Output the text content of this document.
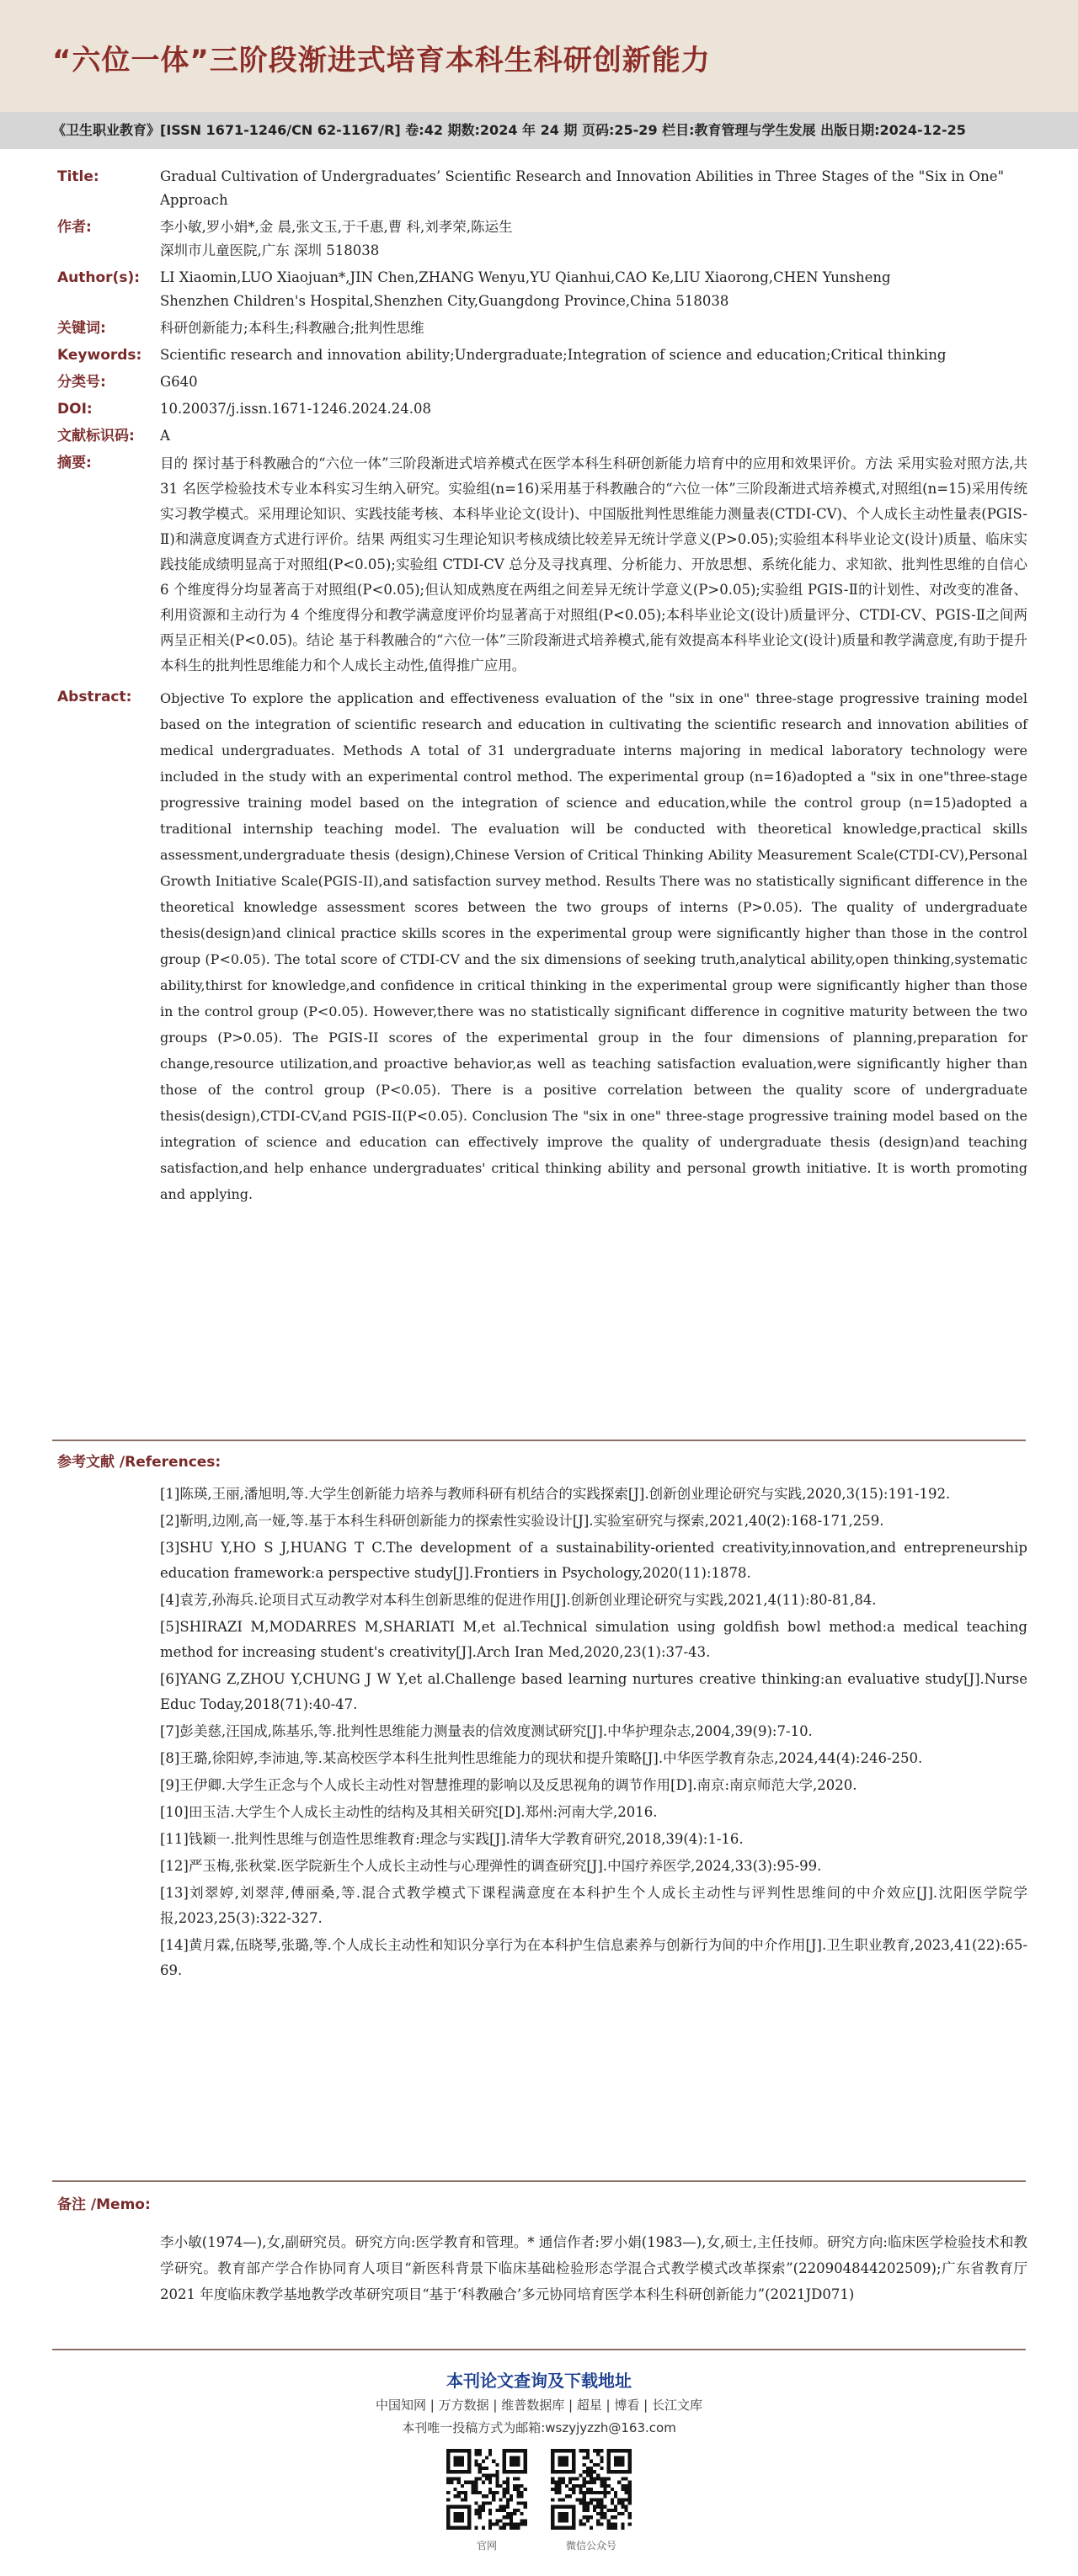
“六位一体”三阶段渐进式培育本科生科研创新能力
《卫生职业教育》[ISSN 1671-1246/CN 62-1167/R] 卷:42 期数:2024 年 24 期 页码:25-29 栏目:教育管理与学生发展 出版日期:2024-12-25
Title:	Gradual Cultivation of Undergraduates’ Scientific Research and Innovation Abilities in Three Stages of the "Six in One" Approach

作者:	李小敏,罗小娟*,金 晨,张文玉,于千惠,曹 科,刘孝荣,陈运生

深圳市儿童医院,广东 深圳 518038

Author(s):	LI Xiaomin,LUO Xiaojuan*,JIN Chen,ZHANG Wenyu,YU Qianhui,CAO Ke,LIU Xiaorong,CHEN Yunsheng

Shenzhen Children's Hospital,Shenzhen City,Guangdong Province,China 518038

关键词:	科研创新能力;本科生;科教融合;批判性思维

Keywords:	Scientific research and innovation ability;Undergraduate;Integration of science and education;Critical thinking

分类号:	G640

DOI:	10.20037/j.issn.1671-1246.2024.24.08

文献标识码:	A

摘要:	目的 探讨基于科教融合的“六位一体”三阶段渐进式培养模式在医学本科生科研创新能力培育中的应用和效果评价。方法 采用实验对照方法,共 31 名医学检验技术专业本科实习生纳入研究。实验组(n=16)采用基于科教融合的“六位一体”三阶段渐进式培养模式,对照组(n=15)采用传统实习教学模式。采用理论知识、实践技能考核、本科毕业论文(设计)、中国版批判性思维能力测量表(CTDI-CV)、个人成长主动性量表(PGIS-Ⅱ)和满意度调查方式进行评价。结果 两组实习生理论知识考核成绩比较差异无统计学意义(P>0.05);实验组本科毕业论文(设计)质量、临床实践技能成绩明显高于对照组(P<0.05);实验组 CTDI-CV 总分及寻找真理、分析能力、开放思想、系统化能力、求知欲、批判性思维的自信心 6 个维度得分均显著高于对照组(P<0.05);但认知成熟度在两组之间差异无统计学意义(P>0.05);实验组 PGIS-Ⅱ的计划性、对改变的准备、利用资源和主动行为 4 个维度得分和教学满意度评价均显著高于对照组(P<0.05);本科毕业论文(设计)质量评分、CTDI-CV、PGIS-Ⅱ之间两两呈正相关(P<0.05)。结论 基于科教融合的“六位一体”三阶段渐进式培养模式,能有效提高本科毕业论文(设计)质量和教学满意度,有助于提升本科生的批判性思维能力和个人成长主动性,值得推广应用。
Abstract:	Objective To explore the application and effectiveness evaluation of the "six in one" three-stage progressive training model based on the integration of scientific research and education in cultivating the scientific research and innovation abilities of medical undergraduates. Methods A total of 31 undergraduate interns majoring in medical laboratory technology were included in the study with an experimental control method. The experimental group (n=16)adopted a "six in one"three-stage progressive training model based on the integration of science and education,while the control group (n=15)adopted a traditional internship teaching model. The evaluation will be conducted with theoretical knowledge,practical skills assessment,undergraduate thesis (design),Chinese Version of Critical Thinking Ability Measurement Scale(CTDI-CV),Personal Growth Initiative Scale(PGIS-II),and satisfaction survey method. Results There was no statistically significant difference in the theoretical knowledge assessment scores between the two groups of interns (P>0.05). The quality of undergraduate thesis(design)and clinical practice skills scores in the experimental group were significantly higher than those in the control group (P<0.05). The total score of CTDI-CV and the six dimensions of seeking truth,analytical ability,open thinking,systematic ability,thirst for knowledge,and confidence in critical thinking in the experimental group were significantly higher than those in the control group (P<0.05). However,there was no statistically significant difference in cognitive maturity between the two groups (P>0.05). The PGIS-II scores of the experimental group in the four dimensions of planning,preparation for change,resource utilization,and proactive behavior,as well as teaching satisfaction evaluation,were significantly higher than those of the control group (P<0.05). There is a positive correlation between the quality score of undergraduate thesis(design),CTDI-CV,and PGIS-II(P<0.05). Conclusion The "six in one" three-stage progressive training model based on the integration of science and education can effectively improve the quality of undergraduate thesis (design)and teaching satisfaction,and help enhance undergraduates' critical thinking ability and personal growth initiative. It is worth promoting and applying.
参考文献 /References:
[1]陈瑛,王丽,潘旭明,等.大学生创新能力培养与教师科研有机结合的实践探索[J].创新创业理论研究与实践,2020,3(15):191-192.
[2]靳明,边刚,高一娅,等.基于本科生科研创新能力的探索性实验设计[J].实验室研究与探索,2021,40(2):168-171,259.
[3]SHU Y,HO S J,HUANG T C.The development of a sustainability-oriented creativity,innovation,and entrepreneurship education framework:a perspective study[J].Frontiers in Psychology,2020(11):1878.
[4]袁芳,孙海兵.论项目式互动教学对本科生创新思维的促进作用[J].创新创业理论研究与实践,2021,4(11):80-81,84.
[5]SHIRAZI M,MODARRES M,SHARIATI M,et al.Technical simulation using goldfish bowl method:a medical teaching method for increasing student's creativity[J].Arch Iran Med,2020,23(1):37-43.
[6]YANG Z,ZHOU Y,CHUNG J W Y,et al.Challenge based learning nurtures creative thinking:an evaluative study[J].Nurse Educ Today,2018(71):40-47.
[7]彭美慈,汪国成,陈基乐,等.批判性思维能力测量表的信效度测试研究[J].中华护理杂志,2004,39(9):7-10.
[8]王璐,徐阳婷,李沛迪,等.某高校医学本科生批判性思维能力的现状和提升策略[J].中华医学教育杂志,2024,44(4):246-250.
[9]王伊卿.大学生正念与个人成长主动性对智慧推理的影响以及反思视角的调节作用[D].南京:南京师范大学,2020.
[10]田玉洁.大学生个人成长主动性的结构及其相关研究[D].郑州:河南大学,2016.
[11]钱颖一.批判性思维与创造性思维教育:理念与实践[J].清华大学教育研究,2018,39(4):1-16.
[12]严玉梅,张秋棠.医学院新生个人成长主动性与心理弹性的调查研究[J].中国疗养医学,2024,33(3):95-99.
[13]刘翠婷,刘翠萍,傅丽桑,等.混合式教学模式下课程满意度在本科护生个人成长主动性与评判性思维间的中介效应[J].沈阳医学院学报,2023,25(3):322-327.
[14]黄月霖,伍晓琴,张璐,等.个人成长主动性和知识分享行为在本科护生信息素养与创新行为间的中介作用[J].卫生职业教育,2023,41(22):65-69.
备注 /Memo:
李小敏(1974—),女,副研究员。研究方向:医学教育和管理。* 通信作者:罗小娟(1983—),女,硕士,主任技师。研究方向:临床医学检验技术和教学研究。教育部产学合作协同育人项目“新医科背景下临床基础检验形态学混合式教学模式改革探索”(220904844202509);广东省教育厅 2021 年度临床教学基地教学改革研究项目“基于‘科教融合’多元协同培育医学本科生科研创新能力”(2021JD071)
本刊论文查询及下载地址
中国知网 | 万方数据 | 维普数据库 | 超星 | 博看 | 长江文库
本刊唯一投稿方式为邮箱:wszyjyzzh@163.com
官网	微信公众号
